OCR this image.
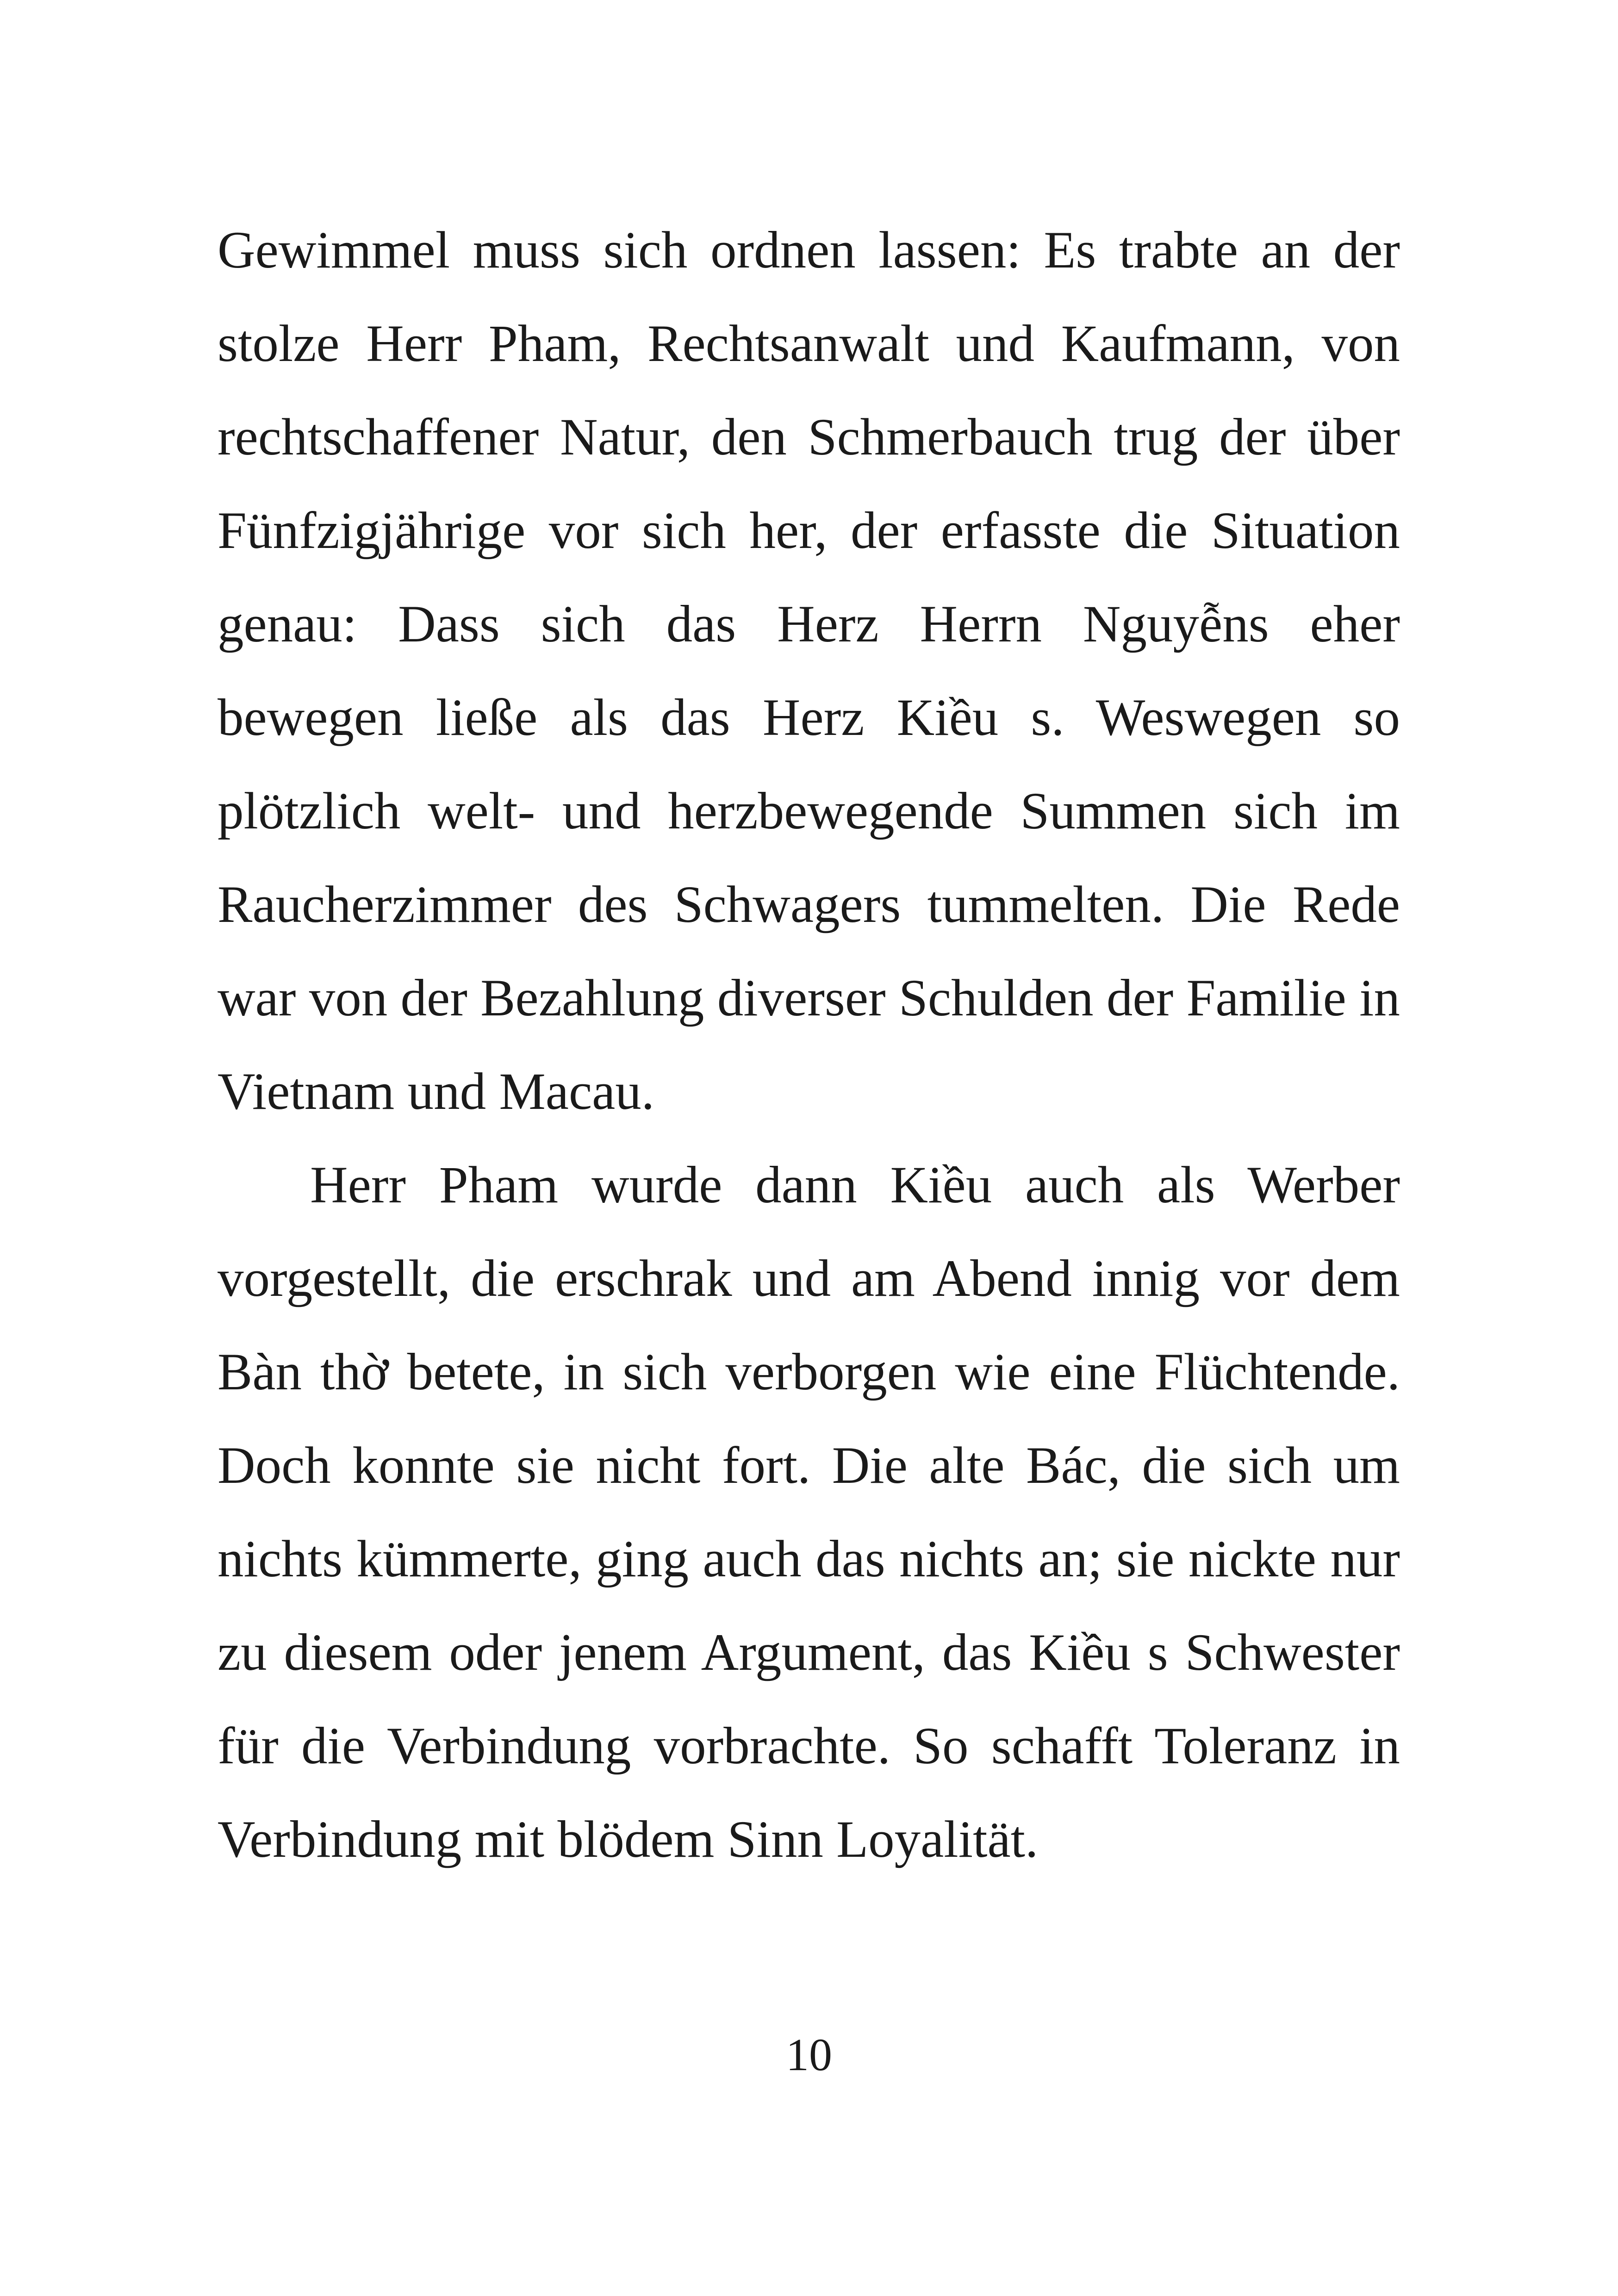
Gewimmel muss sich ordnen lassen: Es trabte an der stolze Herr Pham, Rechtsanwalt und Kaufmann, von rechtschaffener Natur, den Schmerbauch trug der über Fünfzigjährige vor sich her, der erfasste die Situation genau: Dass sich das Herz Herrn Nguyễns eher bewegen ließe als das Herz Kiều s. Weswegen so plötzlich welt- und herzbewegende Summen sich im Raucherzimmer des Schwagers tummelten. Die Rede war von der Bezahlung diverser Schulden der Familie in Vietnam und Macau.

Herr Pham wurde dann Kiều auch als Werber vorgestellt, die erschrak und am Abend innig vor dem Bàn thờ betete, in sich verborgen wie eine Flüchtende. Doch konnte sie nicht fort. Die alte Bác, die sich um nichts kümmerte, ging auch das nichts an; sie nickte nur zu diesem oder jenem Argument, das Kiều s Schwester für die Verbindung vorbrachte. So schafft Toleranz in Verbindung mit blödem Sinn Loyalität.

10
